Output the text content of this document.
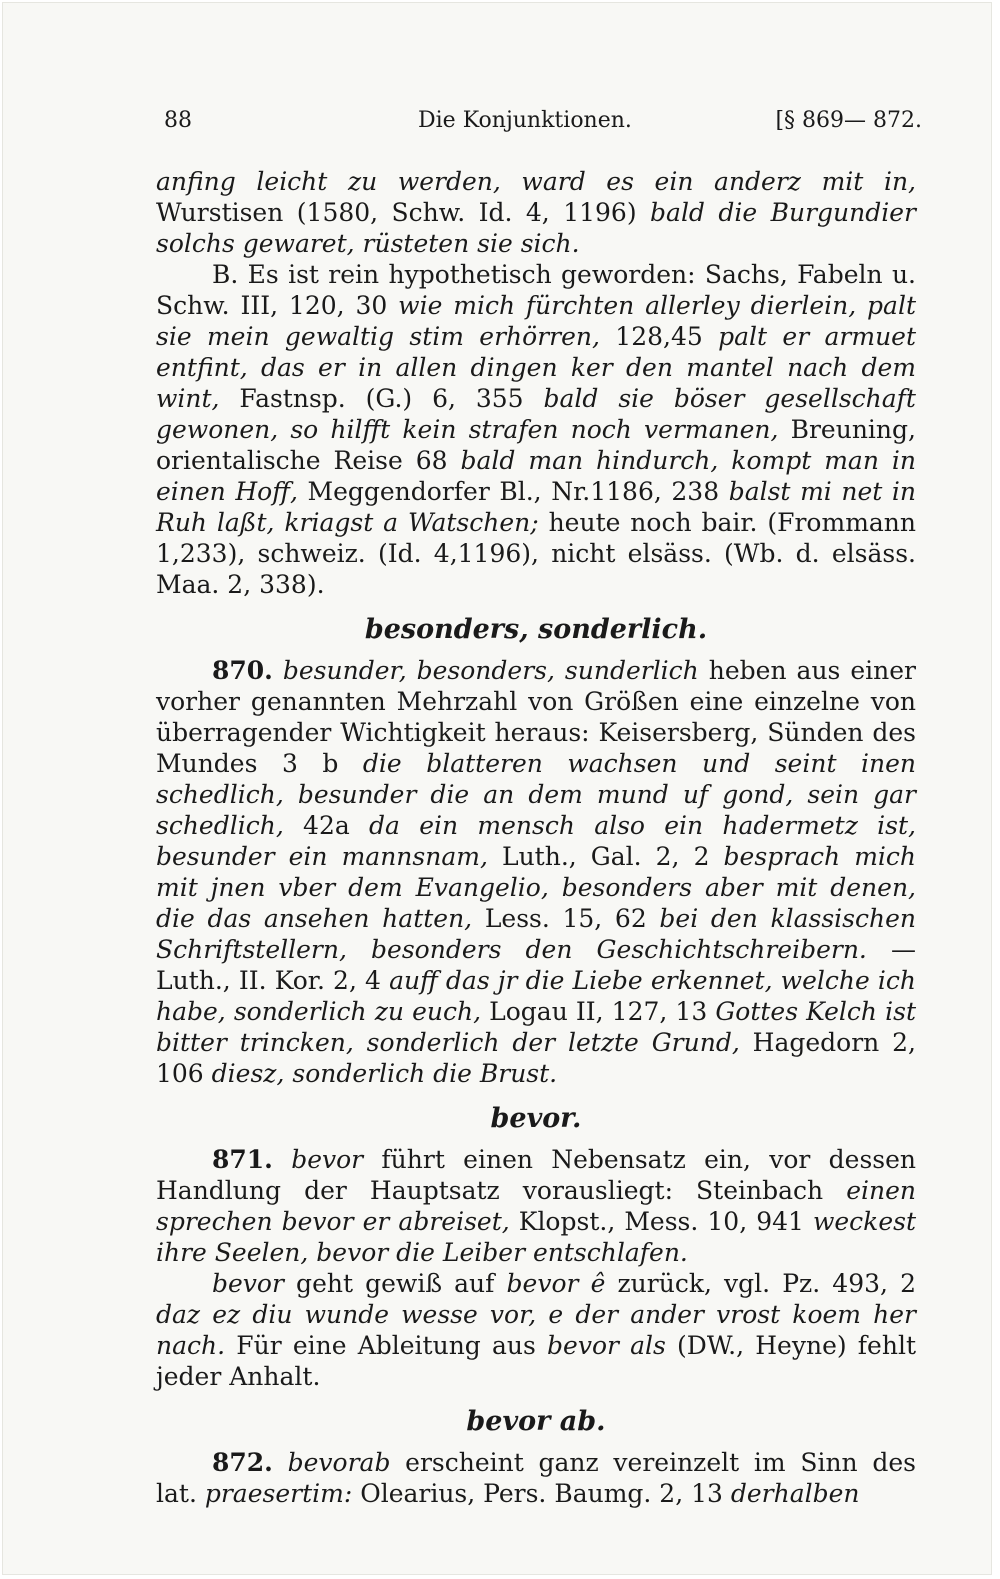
88	Die Konjunktionen.	[§ 869— 872.

anfing leicht zu werden, ward es ein anderz mit in, Wurstisen (1580, Schw. Id. 4, 1196) bald die Burgundier solchs gewaret, rüsteten sie sich.

B. Es ist rein hypothetisch geworden: Sachs, Fabeln u. Schw. III, 120, 30 wie mich fürchten allerley dierlein, palt sie mein gewaltig stim erhörren, 128,45 palt er armuet entfint, das er in allen dingen ker den mantel nach dem wint, Fastnsp. (G.) 6, 355 bald sie böser gesellschaft gewonen, so hilfft kein strafen noch vermanen, Breuning, orientalische Reise 68 bald man hindurch, kompt man in einen Hoff, Meggendorfer Bl., Nr.1186, 238 balst mi net in Ruh laßt, kriagst a Watschen; heute noch bair. (Frommann 1,233), schweiz. (Id. 4,1196), nicht elsäss. (Wb. d. elsäss. Maa. 2, 338).

besonders, sonderlich.

870. besunder, besonders, sunderlich heben aus einer vorher genannten Mehrzahl von Größen eine einzelne von überragender Wichtigkeit heraus: Keisersberg, Sünden des Mundes 3 b die blatteren wachsen und seint inen schedlich, besunder die an dem mund uf gond, sein gar schedlich, 42a da ein mensch also ein hadermetz ist, besunder ein mannsnam, Luth., Gal. 2, 2 besprach mich mit jnen vber dem Evangelio, besonders aber mit denen, die das ansehen hatten, Less. 15, 62 bei den klassischen Schriftstellern, besonders den Geschichtschreibern. — Luth., II. Kor. 2, 4 auff das jr die Liebe erkennet, welche ich habe, sonderlich zu euch, Logau II, 127, 13 Gottes Kelch ist bitter trincken, sonderlich der letzte Grund, Hagedorn 2, 106 diesz, sonderlich die Brust.

bevor.

871. bevor führt einen Nebensatz ein, vor dessen Handlung der Hauptsatz vorausliegt: Steinbach einen sprechen bevor er abreiset, Klopst., Mess. 10, 941 weckest ihre Seelen, bevor die Leiber entschlafen.

bevor geht gewiß auf bevor ê zurück, vgl. Pz. 493, 2 daz ez diu wunde wesse vor, e der ander vrost koem her nach. Für eine Ableitung aus bevor als (DW., Heyne) fehlt jeder Anhalt.

bevor ab.

872. bevorab erscheint ganz vereinzelt im Sinn des lat. praesertim: Olearius, Pers. Baumg. 2, 13 derhalben
